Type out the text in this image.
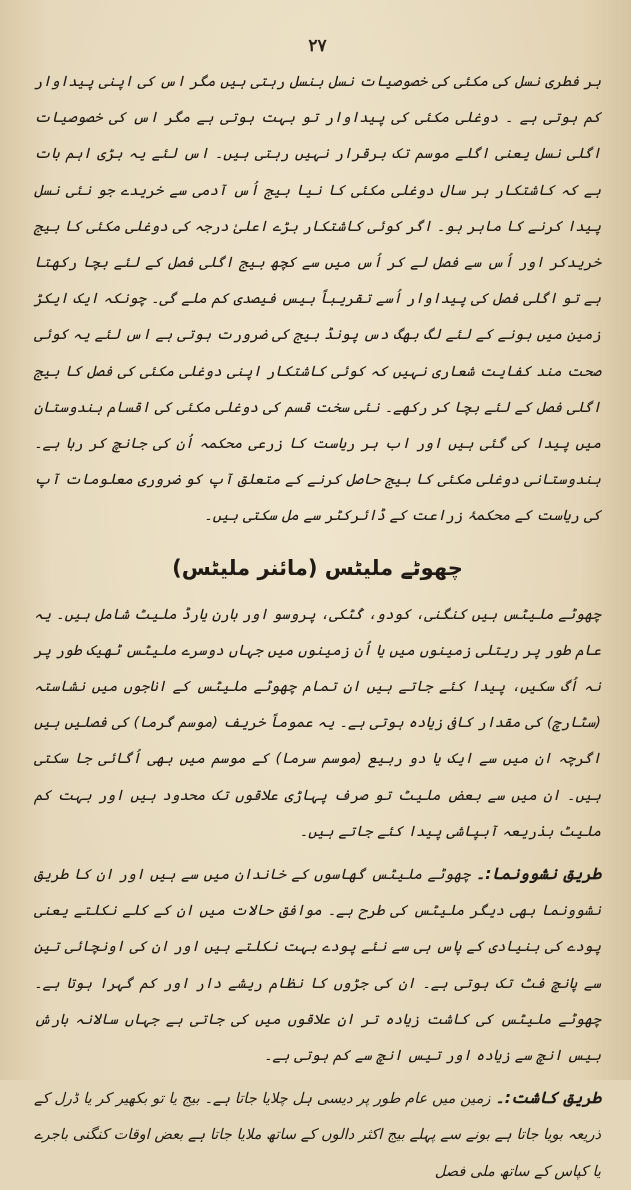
۲۷

ہر فطری نسل کی مکئی کی خصوصیات نسل بنسل رہتی ہیں مگر اس کی اپنی پیداوار کم ہوتی ہے ۔ دوغلی مکئی کی پیداوار تو بہت ہوتی ہے مگر اس کی خصوصیات اگلی نسل یعنی اگلے موسم تک برقرار نہیں رہتی ہیں۔ اس لئے یہ بڑی اہم بات ہے کہ کاشتکار ہر سال دوغلی مکئی کا نیا بیج اُس آدمی سے خریدے جو نئی نسل پیدا کرنے کا ماہر ہو۔ اگر کوئی کاشتکار بڑے اعلیٰ درجہ کی دوغلی مکئی کا بیج خریدکر اور اُس سے فصل لے کر اُس میں سے کچھ بیج اگلی فصل کے لئے بچا رکھتا ہے تو اگلی فصل کی پیداوار اُسے تقریباً بیس فیصدی کم ملے گی۔ چونکہ ایک ایکڑ زمین میں بونے کے لئے لگ بھگ دس پونڈ بیج کی ضرورت ہوتی ہے اس لئے یہ کوئی صحت مند کفایت شعاری نہیں کہ کوئی کاشتکار اپنی دوغلی مکئی کی فصل کا بیج اگلی فصل کے لئے بچا کر رکھے۔ نئی سخت قسم کی دوغلی مکئی کی اقسام ہندوستان میں پیدا کی گئی ہیں اور اب ہر ریاست کا زرعی محکمہ اُن کی جانچ کر رہا ہے۔ ہندوستانی دوغلی مکئی کا بیج حاصل کرنے کے متعلق آپ کو ضروری معلومات آپ کی ریاست کے محکمۂ زراعت کے ڈائرکٹر سے مل سکتی ہیں۔

چھوٹے ملیٹس (مائنر ملیٹس)

چھوٹے ملیٹس ہیں کنگنی، کودو، کُٹکی، پروسو اور بارن یارڈ ملیٹ شامل ہیں۔ یہ عام طور پر ریتلی زمینوں میں یا اُن زمینوں میں جہاں دوسرے ملیٹس ٹھیک طور پر نہ اُگ سکیں، پیدا کئے جاتے ہیں ان تمام چھوٹے ملیٹس کے اناجوں میں نشاستہ (سٹارچ) کی مقدار کافی زیادہ ہوتی ہے۔ یہ عموماً خریف (موسم گرما) کی فصلیں ہیں اگرچہ ان میں سے ایک یا دو ربیع (موسم سرما) کے موسم میں بھی اُگائی جا سکتی ہیں۔ ان میں سے بعض ملیٹ تو صرف پہاڑی علاقوں تک محدود ہیں اور بہت کم ملیٹ بذریعہ آبپاشی پیدا کئے جاتے ہیں۔

طریق نشوونما:۔ چھوٹے ملیٹس گھاسوں کے خاندان میں سے ہیں اور ان کا طریق نشوونما بھی دیگر ملیٹس کی طرح ہے۔ موافق حالات میں ان کے کلے نکلتے یعنی پودے کی بنیادی کے پاس ہی سے نئے پودے بہت نکلتے ہیں اور ان کی اونچائی تین سے پانچ فٹ تک ہوتی ہے۔ ان کی جڑوں کا نظام ریشے دار اور کم گہرا ہوتا ہے۔ چھوٹے ملیٹس کی کاشت زیادہ تر ان علاقوں میں کی جاتی ہے جہاں سالانہ بارش بیس انچ سے زیادہ اور تیس انچ سے کم ہوتی ہے۔

طریق کاشت:۔ زمین میں عام طور پر دیسی ہل چلایا جاتا ہے۔ بیج یا تو بکھیر کر یا ڈرل کے ذریعہ بویا جاتا ہے بونے سے پہلے بیج اکثر دالوں کے ساتھ ملایا جاتا ہے بعض اوقات کنگنی باجرے یا کپاس کے ساتھ ملی فصل
